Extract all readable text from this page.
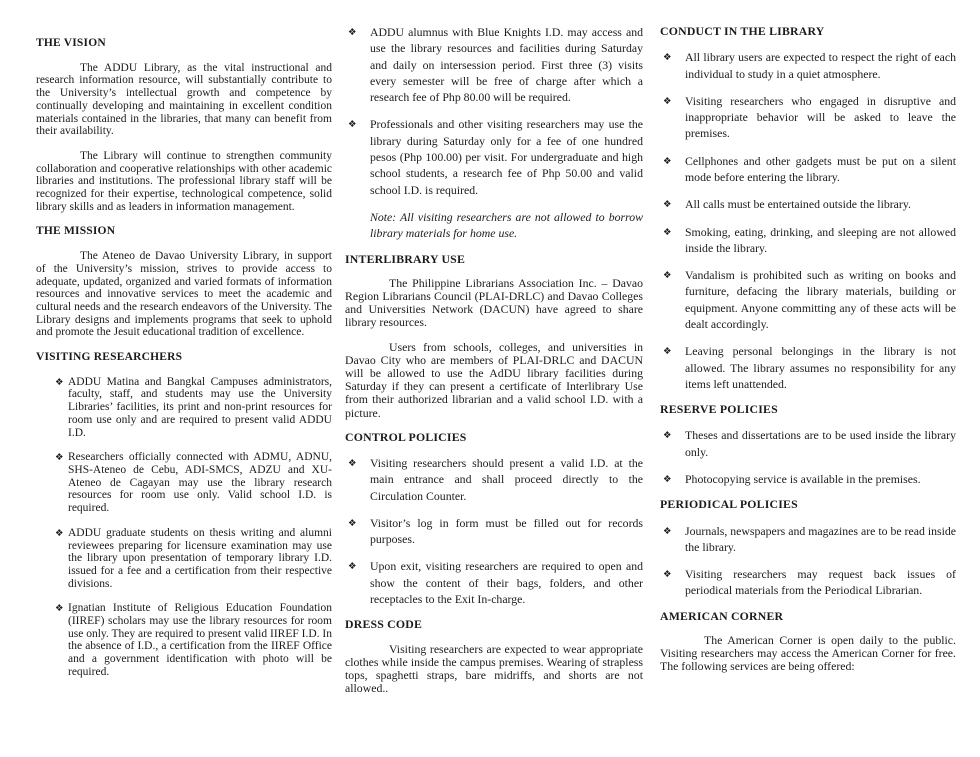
THE VISION
The ADDU Library, as the vital instructional and research information resource, will substantially contribute to the University’s intellectual growth and competence by continually developing and maintaining in excellent condition materials contained in the libraries, that many can benefit from their availability.
The Library will continue to strengthen community collaboration and cooperative relationships with other academic libraries and institutions. The professional library staff will be recognized for their expertise, technological competence, solid library skills and as leaders in information management.
THE MISSION
The Ateneo de Davao University Library, in support of the University’s mission, strives to provide access to adequate, updated, organized and varied formats of information resources and innovative services to meet the academic and cultural needs and the research endeavors of the University. The Library designs and implements programs that seek to uphold and promote the Jesuit educational tradition of excellence.
VISITING RESEARCHERS
❖ ADDU Matina and Bangkal Campuses administrators, faculty, staff, and students may use the University Libraries’ facilities, its print and non-print resources for room use only and are required to present valid ADDU I.D.
❖ Researchers officially connected with ADMU, ADNU, SHS-Ateneo de Cebu, ADI-SMCS, ADZU and XU-Ateneo de Cagayan may use the library research resources for room use only. Valid school I.D. is required.
❖ ADDU graduate students on thesis writing and alumni reviewees preparing for licensure examination may use the library upon presentation of temporary library I.D. issued for a fee and a certification from their respective divisions.
❖ Ignatian Institute of Religious Education Foundation (IIREF) scholars may use the library resources for room use only. They are required to present valid IIREF I.D. In the absence of I.D., a certification from the IIREF Office and a government identification with photo will be required.
❖ ADDU alumnus with Blue Knights I.D. may access and use the library resources and facilities during Saturday and daily on intersession period. First three (3) visits every semester will be free of charge after which a research fee of Php 80.00 will be required.
❖ Professionals and other visiting researchers may use the library during Saturday only for a fee of one hundred pesos (Php 100.00) per visit. For undergraduate and high school students, a research fee of Php 50.00 and valid school I.D. is required.
Note: All visiting researchers are not allowed to borrow library materials for home use.
INTERLIBRARY USE
The Philippine Librarians Association Inc. – Davao Region Librarians Council (PLAI-DRLC) and Davao Colleges and Universities Network (DACUN) have agreed to share library resources.
Users from schools, colleges, and universities in Davao City who are members of PLAI-DRLC and DACUN will be allowed to use the AdDU library facilities during Saturday if they can present a certificate of Interlibrary Use from their authorized librarian and a valid school I.D. with a picture.
CONTROL POLICIES
❖ Visiting researchers should present a valid I.D. at the main entrance and shall proceed directly to the Circulation Counter.
❖ Visitor’s log in form must be filled out for records purposes.
❖ Upon exit, visiting researchers are required to open and show the content of their bags, folders, and other receptacles to the Exit In-charge.
DRESS CODE
Visiting researchers are expected to wear appropriate clothes while inside the campus premises. Wearing of strapless tops, spaghetti straps, bare midriffs, and shorts are not allowed..
CONDUCT IN THE LIBRARY
❖ All library users are expected to respect the right of each individual to study in a quiet atmosphere.
❖ Visiting researchers who engaged in disruptive and inappropriate behavior will be asked to leave the premises.
❖ Cellphones and other gadgets must be put on a silent mode before entering the library.
❖ All calls must be entertained outside the library.
❖ Smoking, eating, drinking, and sleeping are not allowed inside the library.
❖ Vandalism is prohibited such as writing on books and furniture, defacing the library materials, building or equipment. Anyone committing any of these acts will be dealt accordingly.
❖ Leaving personal belongings in the library is not allowed. The library assumes no responsibility for any items left unattended.
RESERVE POLICIES
❖ Theses and dissertations are to be used inside the library only.
❖ Photocopying service is available in the premises.
PERIODICAL POLICIES
❖ Journals, newspapers and magazines are to be read inside the library.
❖ Visiting researchers may request back issues of periodical materials from the Periodical Librarian.
AMERICAN CORNER
The American Corner is open daily to the public. Visiting researchers may access the American Corner for free. The following services are being offered:
